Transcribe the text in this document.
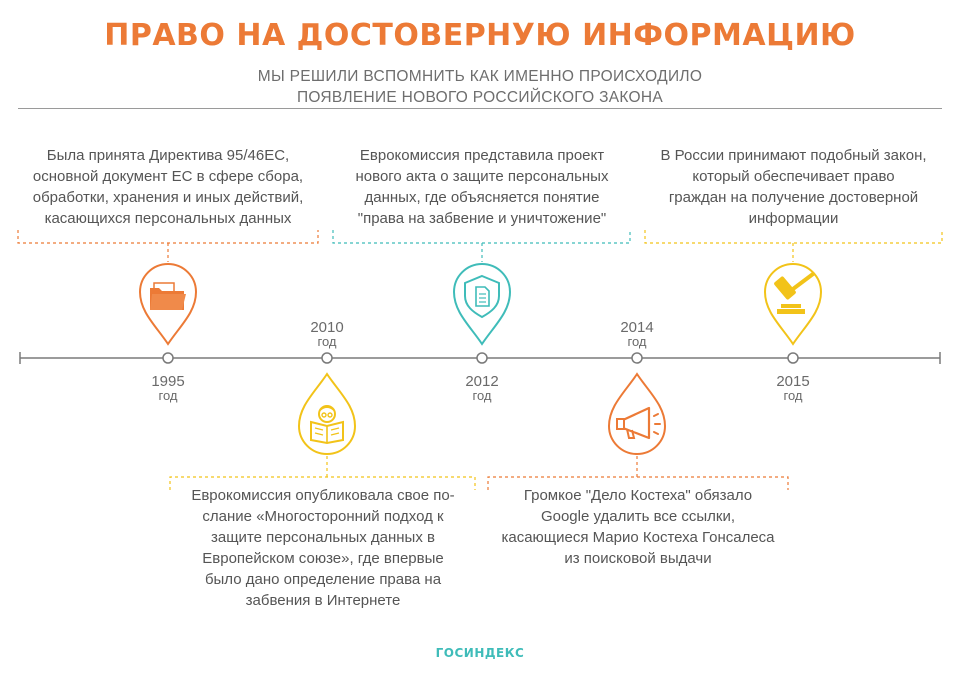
ПРАВО НА ДОСТОВЕРНУЮ ИНФОРМАЦИЮ
МЫ РЕШИЛИ ВСПОМНИТЬ КАК ИМЕННО ПРОИСХОДИЛО
ПОЯВЛЕНИЕ НОВОГО РОССИЙСКОГО ЗАКОНА
1995
год
2010
год
2012
год
2014
год
2015
год
Была принята Директива 95/46ЕС,
основной документ ЕС в сфере сбора,
обработки, хранения и иных действий,
касающихся персональных данных
Еврокомиссия представила проект
нового акта о защите персональных
данных, где объясняется понятие
"права на забвение и уничтожение"
В России принимают подобный закон,
который обеспечивает право
граждан на получение достоверной
информации
Еврокомиссия опубликовала свое по-
слание «Многосторонний подход к
защите персональных данных в
Европейском союзе», где впервые
было дано определение права на
забвения в Интернете
Громкое "Дело Костеха" обязало
Google удалить все ссылки,
касающиеся Марио Костеха Гонсалеса
из поисковой выдачи
ГОСИНДЕКС
